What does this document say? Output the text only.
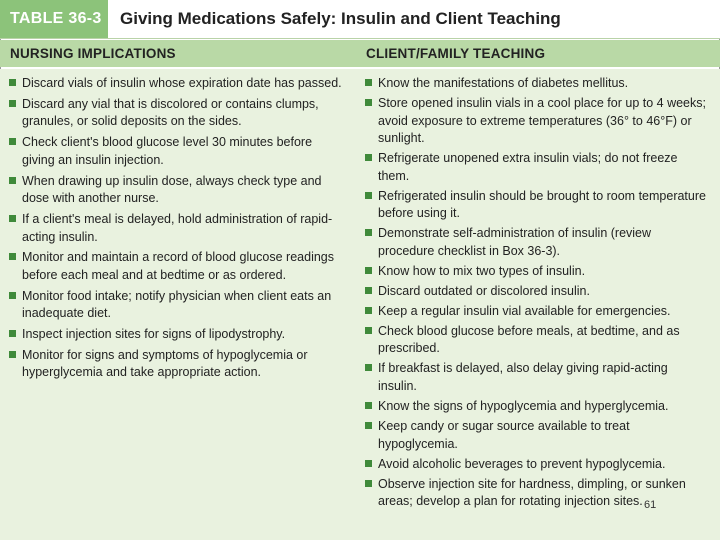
TABLE 36-3	Giving Medications Safely: Insulin and Client Teaching
NURSING IMPLICATIONS	CLIENT/FAMILY TEACHING
Discard vials of insulin whose expiration date has passed.
Discard any vial that is discolored or contains clumps, granules, or solid deposits on the sides.
Check client's blood glucose level 30 minutes before giving an insulin injection.
When drawing up insulin dose, always check type and dose with another nurse.
If a client's meal is delayed, hold administration of rapid-acting insulin.
Monitor and maintain a record of blood glucose readings before each meal and at bedtime or as ordered.
Monitor food intake; notify physician when client eats an inadequate diet.
Inspect injection sites for signs of lipodystrophy.
Monitor for signs and symptoms of hypoglycemia or hyperglycemia and take appropriate action.
Know the manifestations of diabetes mellitus.
Store opened insulin vials in a cool place for up to 4 weeks; avoid exposure to extreme temperatures (36° to 46°F) or sunlight.
Refrigerate unopened extra insulin vials; do not freeze them.
Refrigerated insulin should be brought to room temperature before using it.
Demonstrate self-administration of insulin (review procedure checklist in Box 36-3).
Know how to mix two types of insulin.
Discard outdated or discolored insulin.
Keep a regular insulin vial available for emergencies.
Check blood glucose before meals, at bedtime, and as prescribed.
If breakfast is delayed, also delay giving rapid-acting insulin.
Know the signs of hypoglycemia and hyperglycemia.
Keep candy or sugar source available to treat hypoglycemia.
Avoid alcoholic beverages to prevent hypoglycemia.
Observe injection site for hardness, dimpling, or sunken areas; develop a plan for rotating injection sites. 61
